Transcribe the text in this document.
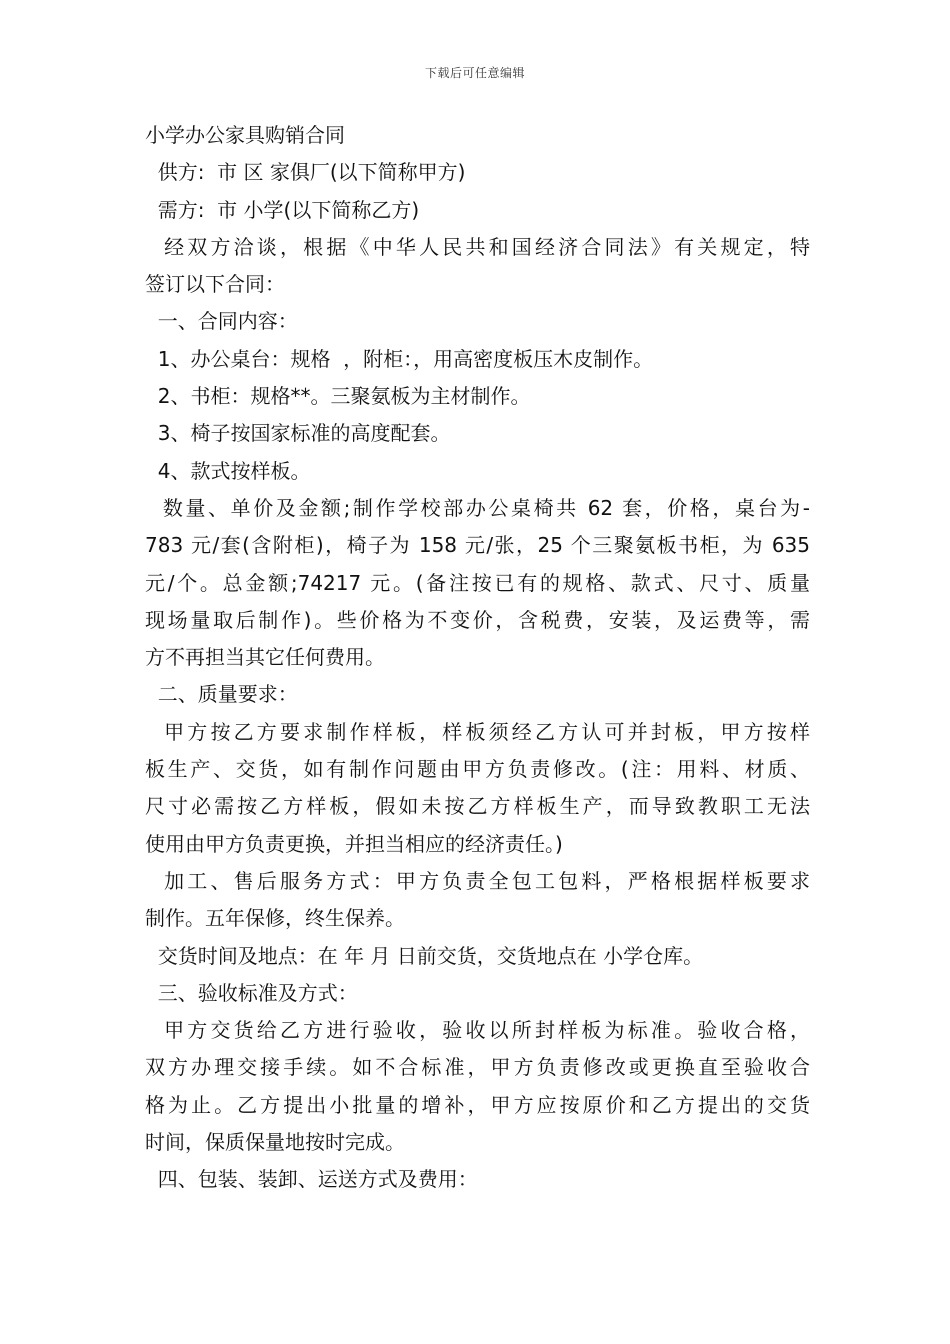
下载后可任意编辑

小学办公家具购销合同

供方:  市 区 家俱厂(以下简称甲方)

需方:  市 小学(以下简称乙方)

经双方洽谈，根据《中华人民共和国经济合同法》有关规定，特
签订以下合同：

一、合同内容：

1、办公桌台：规格  ，附柜：，用高密度板压木皮制作。

2、书柜：规格**。三聚氨板为主材制作。

3、椅子按国家标准的高度配套。

4、款式按样板。

数量、单价及金额;制作学校部办公桌椅共 62 套，价格，桌台为-
783 元/套(含附柜)，椅子为 158 元/张，25 个三聚氨板书柜，为 635
元/个。总金额;74217 元。(备注按已有的规格、款式、尺寸、质量
现场量取后制作)。些价格为不变价，含税费，安装，及运费等，需
方不再担当其它任何费用。

二、质量要求：

甲方按乙方要求制作样板，样板须经乙方认可并封板，甲方按样
板生产、交货，如有制作问题由甲方负责修改。(注：用料、材质、
尺寸必需按乙方样板，假如未按乙方样板生产，而导致教职工无法
使用由甲方负责更换，并担当相应的经济责任。)
加工、售后服务方式：甲方负责全包工包料，严格根据样板要求
制作。五年保修，终生保养。

交货时间及地点：在 年 月 日前交货，交货地点在 小学仓库。

三、验收标准及方式：

甲方交货给乙方进行验收，验收以所封样板为标准。验收合格，
双方办理交接手续。如不合标准，甲方负责修改或更换直至验收合
格为止。乙方提出小批量的增补，甲方应按原价和乙方提出的交货
时间，保质保量地按时完成。

四、包装、装卸、运送方式及费用：
